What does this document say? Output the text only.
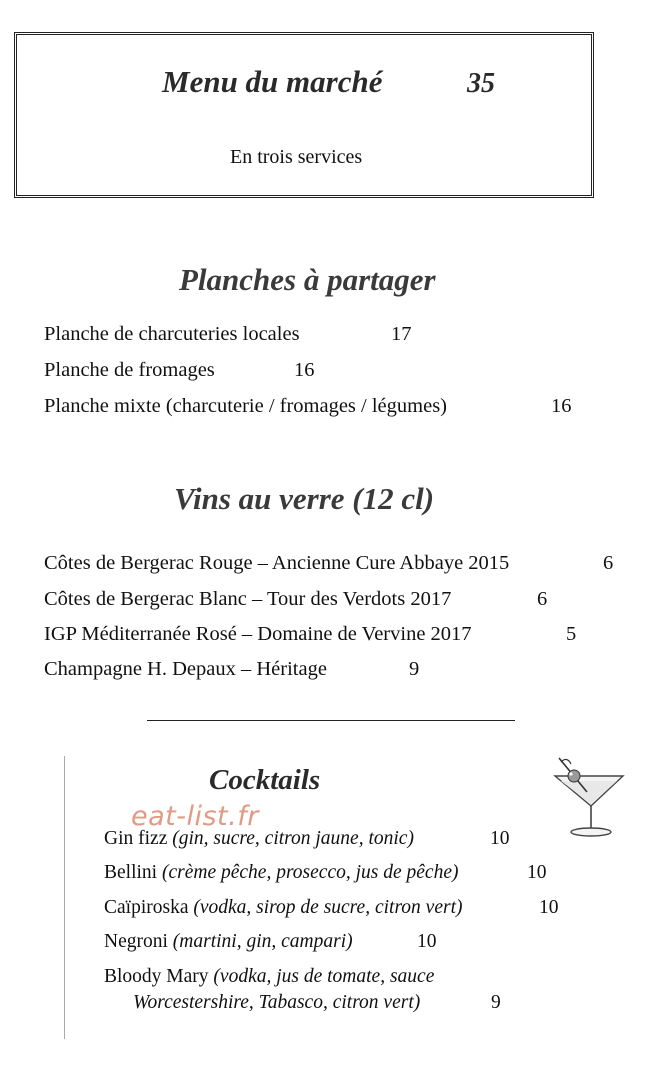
Menu du marché	35
En trois services
Planches à partager
Planche de charcuteries locales	17
Planche de fromages	16
Planche mixte (charcuterie / fromages / légumes)	16
Vins au verre (12 cl)
Côtes de Bergerac Rouge – Ancienne Cure Abbaye 2015	6
Côtes de Bergerac Blanc – Tour des Verdots 2017	6
IGP Méditerranée Rosé – Domaine de Vervine 2017	5
Champagne H. Depaux – Héritage	9
Cocktails
eat-list.fr
Gin fizz (gin, sucre, citron jaune, tonic)	10
Bellini (crème pêche, prosecco, jus de pêche)	10
Caïpiroska (vodka, sirop de sucre, citron vert)	10
Negroni (martini, gin, campari)	10
Bloody Mary (vodka, jus de tomate, sauce
Worcestershire, Tabasco, citron vert)	9
